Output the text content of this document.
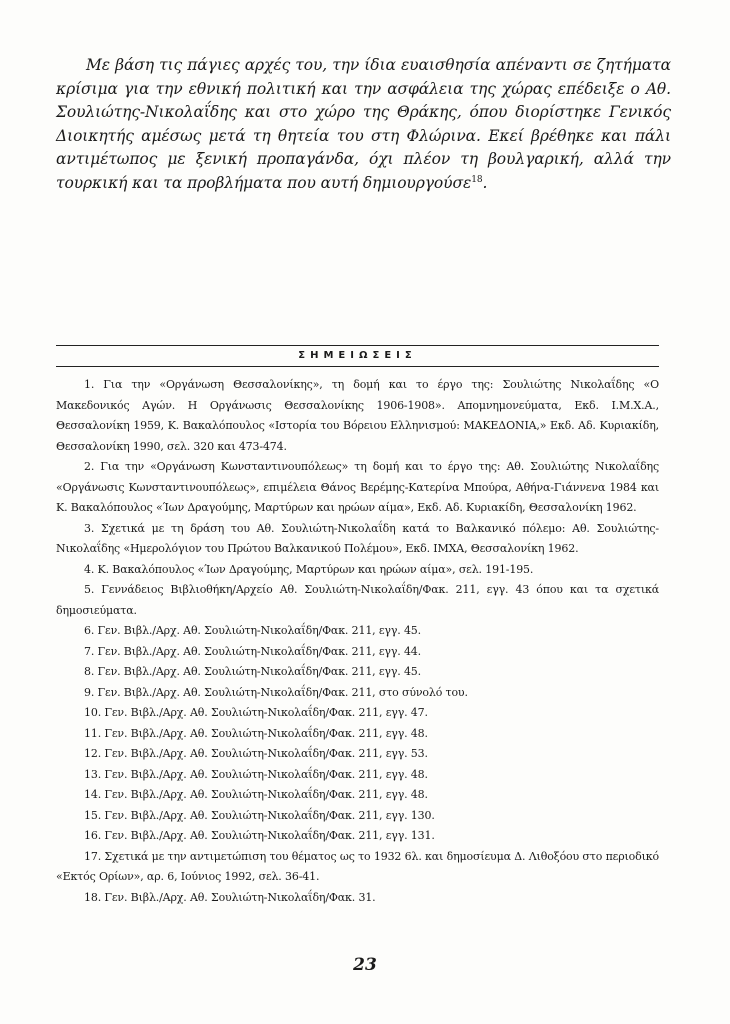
Με βάση τις πάγιες αρχές του, την ίδια ευαισθησία απέναντι σε ζητήματα κρίσιμα για την εθνική πολιτική και την ασφάλεια της χώρας επέδειξε ο Αθ. Σουλιώτης-Νικολαΐδης και στο χώρο της Θράκης, όπου διορίστηκε Γενικός Διοικητής αμέσως μετά τη θητεία του στη Φλώρινα. Εκεί βρέθηκε και πάλι αντιμέτωπος με ξενική προπαγάνδα, όχι πλέον τη βουλγαρική, αλλά την τουρκική και τα προβλήματα που αυτή δημιουργούσε$^{18}$.
ΣΗΜΕΙΩΣΕΙΣ

1. Για την «Οργάνωση Θεσσαλονίκης», τη δομή και το έργο της: Σουλιώτης Νικολαΐδης «Ο Μακεδονικός Αγών. Η Οργάνωσις Θεσσαλονίκης 1906-1908». Απομνημονεύματα, Εκδ. Ι.Μ.Χ.Α., Θεσσαλονίκη 1959, Κ. Βακαλόπουλος «Ιστορία του Βόρειου Ελληνισμού: ΜΑΚΕΔΟΝΙΑ,» Εκδ. Αδ. Κυριακίδη, Θεσσαλονίκη 1990, σελ. 320 και 473-474.

2. Για την «Οργάνωση Κωνσταντινουπόλεως» τη δομή και το έργο της: Αθ. Σουλιώτης Νικολαΐδης «Οργάνωσις Κωνσταντινουπόλεως», επιμέλεια Θάνος Βερέμης-Κατερίνα Μπούρα, Αθήνα-Γιάννενα 1984 και Κ. Βακαλόπουλος «Ίων Δραγούμης, Μαρτύρων και ηρώων αίμα», Εκδ. Αδ. Κυριακίδη, Θεσσαλονίκη 1962.

3. Σχετικά με τη δράση του Αθ. Σουλιώτη-Νικολαΐδη κατά το Βαλκανικό πόλεμο: Αθ. Σουλιώτης-Νικολαΐδης «Ημερολόγιον του Πρώτου Βαλκανικού Πολέμου», Εκδ. ΙΜΧΑ, Θεσσαλονίκη 1962.

4. Κ. Βακαλόπουλος «Ίων Δραγούμης, Μαρτύρων και ηρώων αίμα», σελ. 191-195.

5. Γεννάδειος Βιβλιοθήκη/Αρχείο Αθ. Σουλιώτη-Νικολαΐδη/Φακ. 211, εγγ. 43 όπου και τα σχετικά δημοσιεύματα.

6. Γεν. Βιβλ./Αρχ. Αθ. Σουλιώτη-Νικολαΐδη/Φακ. 211, εγγ. 45.

7. Γεν. Βιβλ./Αρχ. Αθ. Σουλιώτη-Νικολαΐδη/Φακ. 211, εγγ. 44.

8. Γεν. Βιβλ./Αρχ. Αθ. Σουλιώτη-Νικολαΐδη/Φακ. 211, εγγ. 45.

9. Γεν. Βιβλ./Αρχ. Αθ. Σουλιώτη-Νικολαΐδη/Φακ. 211, στο σύνολό του.

10. Γεν. Βιβλ./Αρχ. Αθ. Σουλιώτη-Νικολαΐδη/Φακ. 211, εγγ. 47.

11. Γεν. Βιβλ./Αρχ. Αθ. Σουλιώτη-Νικολαΐδη/Φακ. 211, εγγ. 48.

12. Γεν. Βιβλ./Αρχ. Αθ. Σουλιώτη-Νικολαΐδη/Φακ. 211, εγγ. 53.

13. Γεν. Βιβλ./Αρχ. Αθ. Σουλιώτη-Νικολαΐδη/Φακ. 211, εγγ. 48.

14. Γεν. Βιβλ./Αρχ. Αθ. Σουλιώτη-Νικολαΐδη/Φακ. 211, εγγ. 48.

15. Γεν. Βιβλ./Αρχ. Αθ. Σουλιώτη-Νικολαΐδη/Φακ. 211, εγγ. 130.

16. Γεν. Βιβλ./Αρχ. Αθ. Σουλιώτη-Νικολαΐδη/Φακ. 211, εγγ. 131.

17. Σχετικά με την αντιμετώπιση του θέματος ως το 1932 6λ. και δημοσίευμα Δ. Λιθοξόου στο περιοδικό «Εκτός Ορίων», αρ. 6, Ιούνιος 1992, σελ. 36-41.

18. Γεν. Βιβλ./Αρχ. Αθ. Σουλιώτη-Νικολαΐδη/Φακ. 31.

23
